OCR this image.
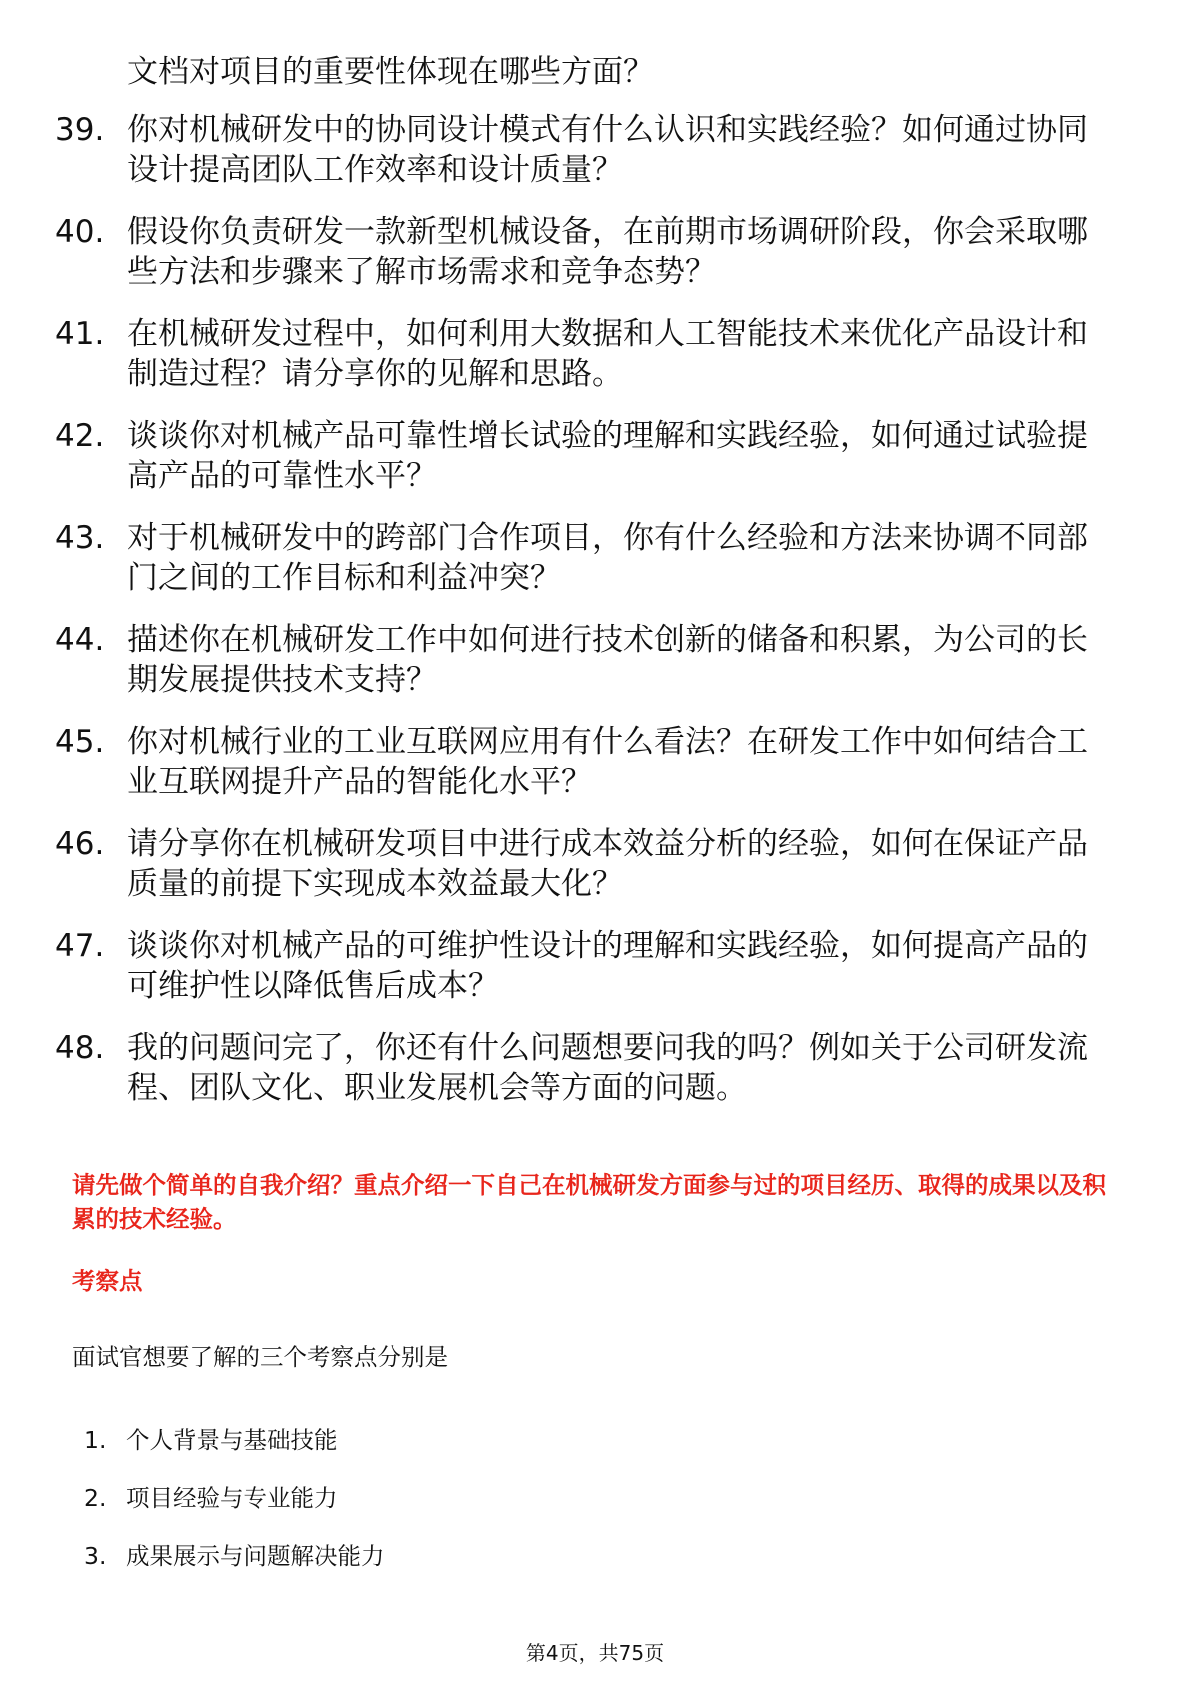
文档对项目的重要性体现在哪些方面？
39. 你对机械研发中的协同设计模式有什么认识和实践经验？如何通过协同设计提高团队工作效率和设计质量？
40. 假设你负责研发一款新型机械设备，在前期市场调研阶段，你会采取哪些方法和步骤来了解市场需求和竞争态势？
41. 在机械研发过程中，如何利用大数据和人工智能技术来优化产品设计和制造过程？请分享你的见解和思路。
42. 谈谈你对机械产品可靠性增长试验的理解和实践经验，如何通过试验提高产品的可靠性水平？
43. 对于机械研发中的跨部门合作项目，你有什么经验和方法来协调不同部门之间的工作目标和利益冲突？
44. 描述你在机械研发工作中如何进行技术创新的储备和积累，为公司的长期发展提供技术支持？
45. 你对机械行业的工业互联网应用有什么看法？在研发工作中如何结合工业互联网提升产品的智能化水平？
46. 请分享你在机械研发项目中进行成本效益分析的经验，如何在保证产品质量的前提下实现成本效益最大化？
47. 谈谈你对机械产品的可维护性设计的理解和实践经验，如何提高产品的可维护性以降低售后成本？
48. 我的问题问完了，你还有什么问题想要问我的吗？例如关于公司研发流程、团队文化、职业发展机会等方面的问题。
请先做个简单的自我介绍？重点介绍一下自己在机械研发方面参与过的项目经历、取得的成果以及积累的技术经验。
考察点
面试官想要了解的三个考察点分别是
1. 个人背景与基础技能
2. 项目经验与专业能力
3. 成果展示与问题解决能力
第4页，共75页
